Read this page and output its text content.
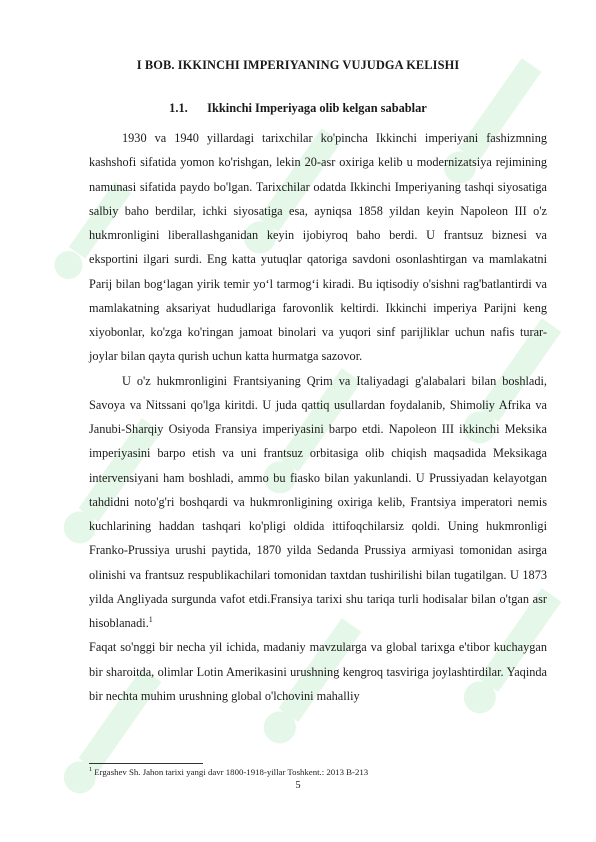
I BOB. IKKINCHI IMPERIYANING VUJUDGA KELISHI
1.1. Ikkinchi Imperiyaga olib kelgan sabablar

1930 va 1940 yillardagi tarixchilar ko'pincha Ikkinchi imperiyani fashizmning kashshofi sifatida yomon ko'rishgan, lekin 20-asr oxiriga kelib u modernizatsiya rejimining namunasi sifatida paydo bo'lgan. Tarixchilar odatda Ikkinchi Imperiyaning tashqi siyosatiga salbiy baho berdilar, ichki siyosatiga esa, ayniqsa 1858 yildan keyin Napoleon III o'z hukmronligini liberallashganidan keyin ijobiyroq baho berdi. U frantsuz biznesi va eksportini ilgari surdi. Eng katta yutuqlar qatoriga savdoni osonlashtirgan va mamlakatni Parij bilan bog‘lagan yirik temir yo‘l tarmog‘i kiradi. Bu iqtisodiy o'sishni rag'batlantirdi va mamlakatning aksariyat hududlariga farovonlik keltirdi. Ikkinchi imperiya Parijni keng xiyobonlar, ko'zga ko'ringan jamoat binolari va yuqori sinf parijliklar uchun nafis turar-joylar bilan qayta qurish uchun katta hurmatga sazovor.

U o'z hukmronligini Frantsiyaning Qrim va Italiyadagi g'alabalari bilan boshladi, Savoya va Nitssani qo'lga kiritdi. U juda qattiq usullardan foydalanib, Shimoliy Afrika va Janubi-Sharqiy Osiyoda Fransiya imperiyasini barpo etdi. Napoleon III ikkinchi Meksika imperiyasini barpo etish va uni frantsuz orbitasiga olib chiqish maqsadida Meksikaga intervensiyani ham boshladi, ammo bu fiasko bilan yakunlandi. U Prussiyadan kelayotgan tahdidni noto'g'ri boshqardi va hukmronligining oxiriga kelib, Frantsiya imperatori nemis kuchlarining haddan tashqari ko'pligi oldida ittifoqchilarsiz qoldi. Uning hukmronligi Franko-Prussiya urushi paytida, 1870 yilda Sedanda Prussiya armiyasi tomonidan asirga olinishi va frantsuz respublikachilari tomonidan taxtdan tushirilishi bilan tugatilgan. U 1873 yilda Angliyada surgunda vafot etdi.Fransiya tarixi shu tariqa turli hodisalar bilan o'tgan asr hisoblanadi.$^1$

Faqat so'nggi bir necha yil ichida, madaniy mavzularga va global tarixga e'tibor kuchaygan bir sharoitda, olimlar Lotin Amerikasini urushning kengroq tasviriga joylashtirdilar. Yaqinda bir nechta muhim urushning global o'lchovini mahalliy

$^1$ Ergashev Sh. Jahon tarixi yangi davr 1800-1918-yillar Toshkent.: 2013 B-213
5
